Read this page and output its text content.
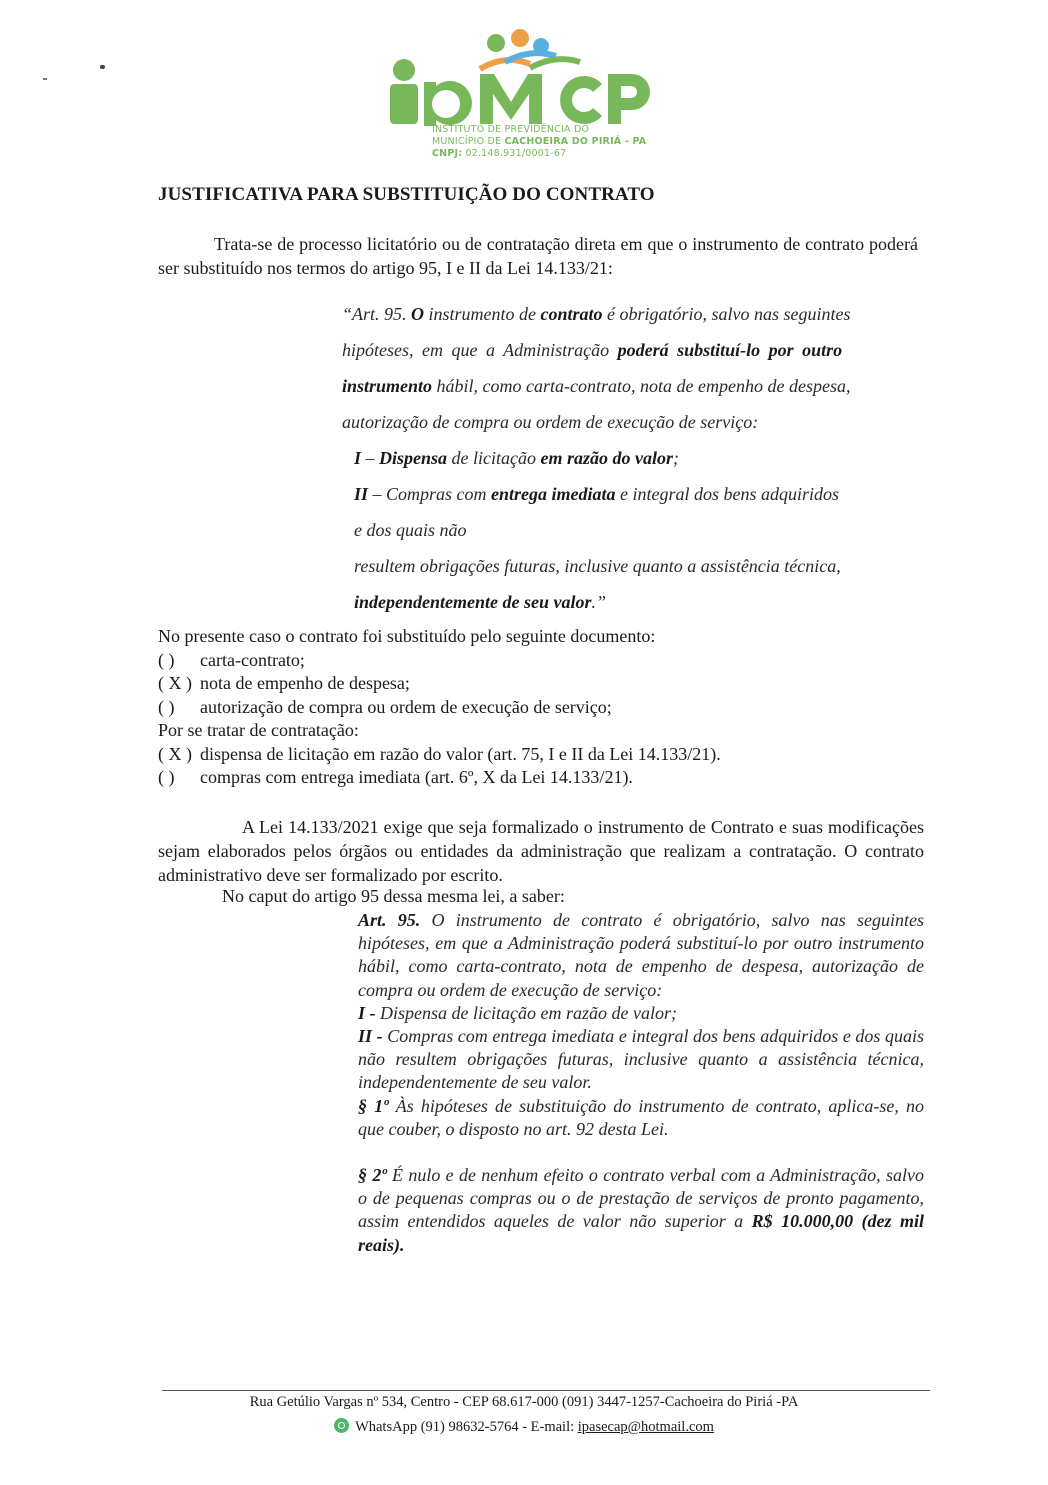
INSTITUTO DE PREVIDÊNCIA DO
MUNICÍPIO DE CACHOEIRA DO PIRIÁ - PA
CNPJ: 02.148.931/0001-67
JUSTIFICATIVA PARA SUBSTITUIÇÃO DO CONTRATO
Trata-se de processo licitatório ou de contratação direta em que o instrumento de contrato poderá ser substituído nos termos do artigo 95, I e II da Lei 14.133/21:
“Art. 95. O instrumento de contrato é obrigatório, salvo nas seguintes
hipóteses, em que a Administração poderá substituí-lo por outro
instrumento hábil, como carta-contrato, nota de empenho de despesa,
autorização de compra ou ordem de execução de serviço:
I – Dispensa de licitação em razão do valor;
II – Compras com entrega imediata e integral dos bens adquiridos
e dos quais não
resultem obrigações futuras, inclusive quanto a assistência técnica,
independentemente de seu valor.”
No presente caso o contrato foi substituído pelo seguinte documento:
( ) carta-contrato;
( X ) nota de empenho de despesa;
( ) autorização de compra ou ordem de execução de serviço;
Por se tratar de contratação:
( X ) dispensa de licitação em razão do valor (art. 75, I e II da Lei 14.133/21).
( ) compras com entrega imediata (art. 6º, X da Lei 14.133/21).
A Lei 14.133/2021 exige que seja formalizado o instrumento de Contrato e suas modificações sejam elaborados pelos órgãos ou entidades da administração que realizam a contratação. O contrato administrativo deve ser formalizado por escrito.
No caput do artigo 95 dessa mesma lei, a saber:
Art. 95. O instrumento de contrato é obrigatório, salvo nas seguintes hipóteses, em que a Administração poderá substituí-lo por outro instrumento hábil, como carta-contrato, nota de empenho de despesa, autorização de compra ou ordem de execução de serviço:
I - Dispensa de licitação em razão de valor;
II - Compras com entrega imediata e integral dos bens adquiridos e dos quais não resultem obrigações futuras, inclusive quanto a assistência técnica, independentemente de seu valor.
§ 1º Às hipóteses de substituição do instrumento de contrato, aplica-se, no que couber, o disposto no art. 92 desta Lei.
§ 2º É nulo e de nenhum efeito o contrato verbal com a Administração, salvo o de pequenas compras ou o de prestação de serviços de pronto pagamento, assim entendidos aqueles de valor não superior a R$ 10.000,00 (dez mil reais).
Rua Getúlio Vargas nº 534, Centro - CEP 68.617-000 (091) 3447-1257-Cachoeira do Piriá -PA
WhatsApp (91) 98632-5764 - E-mail: ipasecap@hotmail.com
